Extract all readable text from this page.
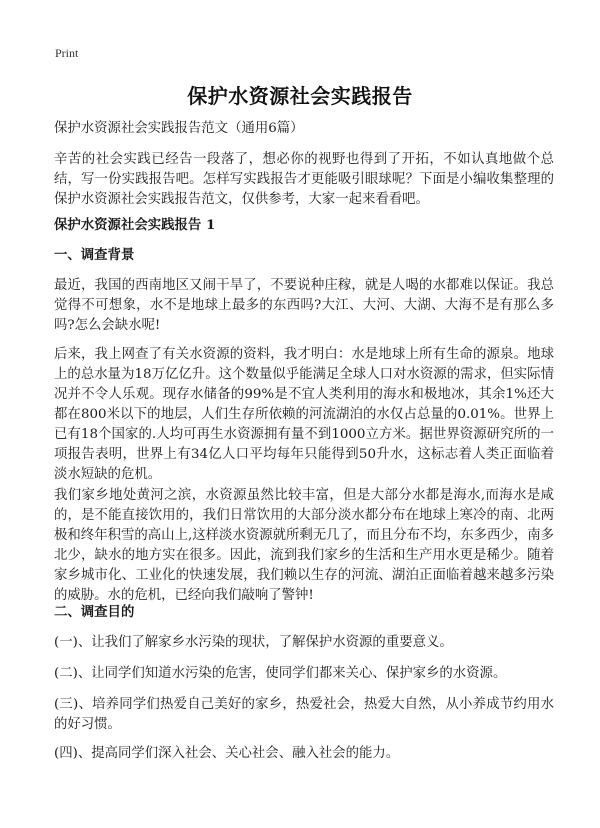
Print
保护水资源社会实践报告
保护水资源社会实践报告范文（通用6篇）
辛苦的社会实践已经告一段落了，想必你的视野也得到了开拓，不如认真地做个总结，写一份实践报告吧。怎样写实践报告才更能吸引眼球呢？下面是小编收集整理的保护水资源社会实践报告范文，仅供参考，大家一起来看看吧。
保护水资源社会实践报告 1
一、调查背景
最近，我国的西南地区又闹干旱了，不要说种庄稼，就是人喝的水都难以保证。我总觉得不可想象，水不是地球上最多的东西吗?大江、大河、大湖、大海不是有那么多吗?怎么会缺水呢!
后来，我上网查了有关水资源的资料，我才明白：水是地球上所有生命的源泉。地球上的总水量为18万亿亿升。这个数量似乎能满足全球人口对水资源的需求，但实际情况并不令人乐观。现存水储备的99%是不宜人类利用的海水和极地冰，其余1%还大都在800米以下的地层，人们生存所依赖的河流湖泊的水仅占总量的0.01%。世界上已有18个国家的.人均可再生水资源拥有量不到1000立方米。据世界资源研究所的一项报告表明，世界上有34亿人口平均每年只能得到50升水，这标志着人类正面临着淡水短缺的危机。
我们家乡地处黄河之滨，水资源虽然比较丰富，但是大部分水都是海水,而海水是咸的，是不能直接饮用的，我们日常饮用的大部分淡水都分布在地球上寒冷的南、北两极和终年积雪的高山上,这样淡水资源就所剩无几了，而且分布不均，东多西少，南多北少，缺水的地方实在很多。因此，流到我们家乡的生活和生产用水更是稀少。随着家乡城市化、工业化的快速发展，我们赖以生存的河流、湖泊正面临着越来越多污染的威胁。水的危机，已经向我们敲响了警钟!
二、调查目的
(一)、让我们了解家乡水污染的现状，了解保护水资源的重要意义。
(二)、让同学们知道水污染的危害，使同学们都来关心、保护家乡的水资源。
(三)、培养同学们热爱自己美好的家乡，热爱社会，热爱大自然，从小养成节约用水的好习惯。
(四)、提高同学们深入社会、关心社会、融入社会的能力。
